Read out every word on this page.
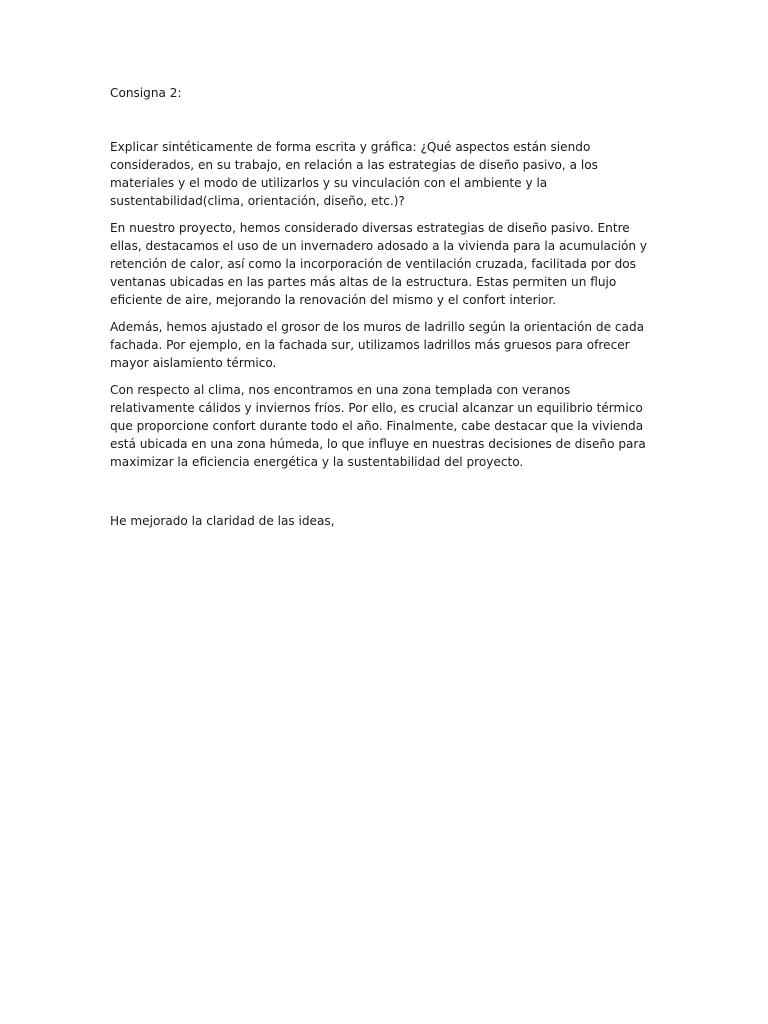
Consigna 2:

Explicar sintéticamente de forma escrita y gráfica: ¿Qué aspectos están siendo considerados, en su trabajo, en relación a las estrategias de diseño pasivo, a los materiales y el modo de utilizarlos y su vinculación con el ambiente y la sustentabilidad(clima, orientación, diseño, etc.)?

En nuestro proyecto, hemos considerado diversas estrategias de diseño pasivo. Entre ellas, destacamos el uso de un invernadero adosado a la vivienda para la acumulación y retención de calor, así como la incorporación de ventilación cruzada, facilitada por dos ventanas ubicadas en las partes más altas de la estructura. Estas permiten un flujo eficiente de aire, mejorando la renovación del mismo y el confort interior.

Además, hemos ajustado el grosor de los muros de ladrillo según la orientación de cada fachada. Por ejemplo, en la fachada sur, utilizamos ladrillos más gruesos para ofrecer mayor aislamiento térmico.

Con respecto al clima, nos encontramos en una zona templada con veranos relativamente cálidos y inviernos fríos. Por ello, es crucial alcanzar un equilibrio térmico que proporcione confort durante todo el año. Finalmente, cabe destacar que la vivienda está ubicada en una zona húmeda, lo que influye en nuestras decisiones de diseño para maximizar la eficiencia energética y la sustentabilidad del proyecto.

He mejorado la claridad de las ideas,
